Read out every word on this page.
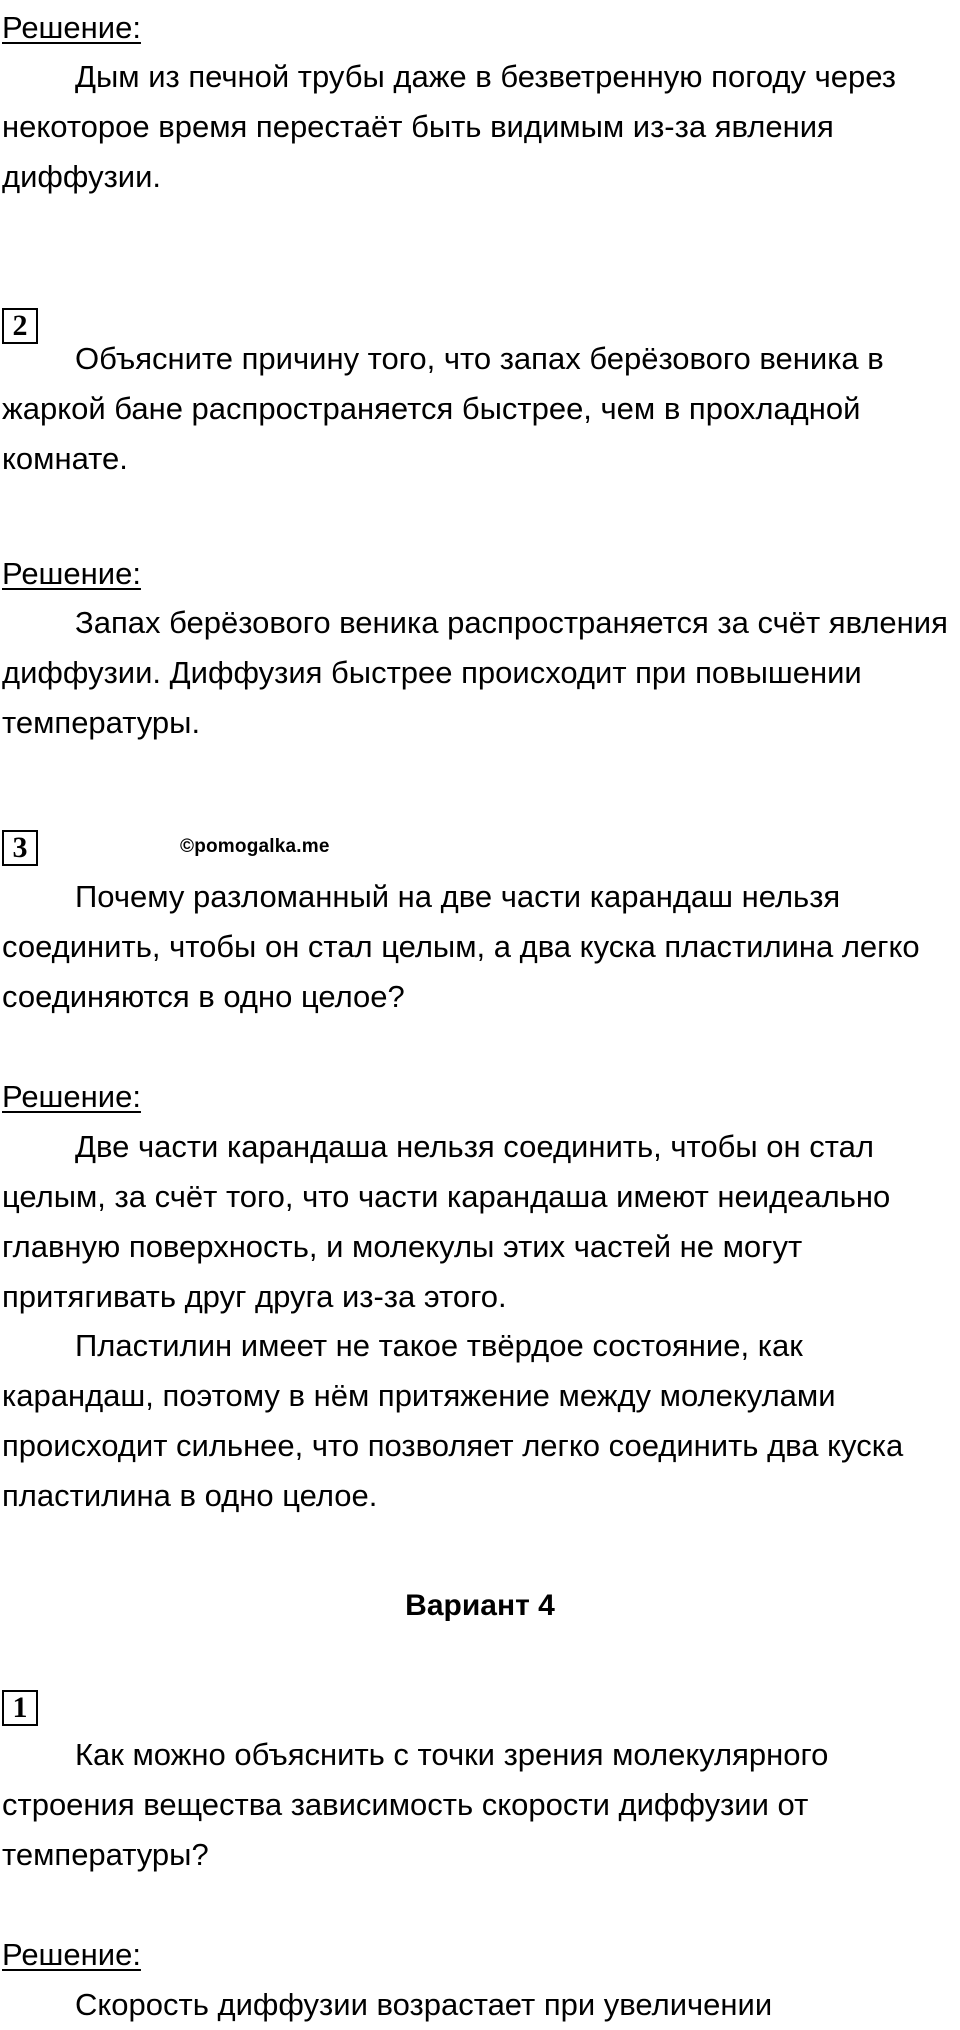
Решение:

Дым из печной трубы даже в безветренную погоду через некоторое время перестаёт быть видимым из-за явления диффузии.

2

Объясните причину того, что запах берёзового веника в жаркой бане распространяется быстрее, чем в прохладной комнате.

Решение:

Запах берёзового веника распространяется за счёт явления диффузии. Диффузия быстрее происходит при повышении температуры.

3	©pomogalka.me

Почему разломанный на две части карандаш нельзя соединить, чтобы он стал целым, а два куска пластилина легко соединяются в одно целое?

Решение:

Две части карандаша нельзя соединить, чтобы он стал целым, за счёт того, что части карандаша имеют неидеально главную поверхность, и молекулы этих частей не могут притягивать друг друга из-за этого.

Пластилин имеет не такое твёрдое состояние, как карандаш, поэтому в нём притяжение между молекулами происходит сильнее, что позволяет легко соединить два куска пластилина в одно целое.

Вариант 4

1

Как можно объяснить с точки зрения молекулярного строения вещества зависимость скорости диффузии от температуры?

Решение:

Скорость диффузии возрастает при увеличении
